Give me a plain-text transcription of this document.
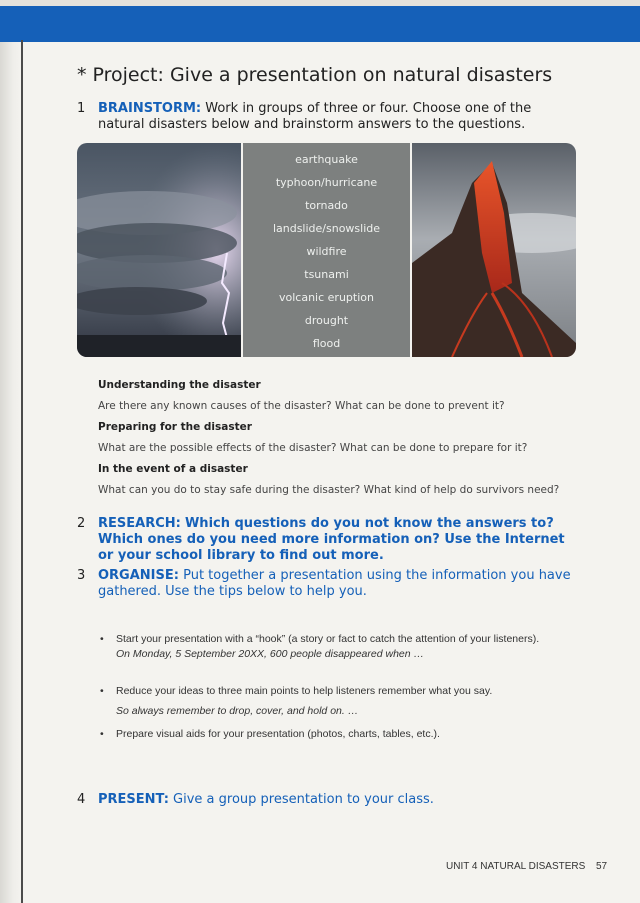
* Project: Give a presentation on natural disasters
1 BRAINSTORM: Work in groups of three or four. Choose one of the natural disasters below and brainstorm answers to the questions.
earthquake
typhoon/hurricane
tornado
landslide/snowslide
wildfire
tsunami
volcanic eruption
drought
flood
Understanding the disaster
Are there any known causes of the disaster? What can be done to prevent it?
Preparing for the disaster
What are the possible effects of the disaster? What can be done to prepare for it?
In the event of a disaster
What can you do to stay safe during the disaster? What kind of help do survivors need?
2 RESEARCH: Which questions do you not know the answers to? Which ones do you need more information on? Use the Internet or your school library to find out more.
3 ORGANISE: Put together a presentation using the information you have gathered. Use the tips below to help you.
• Start your presentation with a “hook” (a story or fact to catch the attention of your listeners).
On Monday, 5 September 20XX, 600 people disappeared when …
• Reduce your ideas to three main points to help listeners remember what you say.
So always remember to drop, cover, and hold on. …
• Prepare visual aids for your presentation (photos, charts, tables, etc.).
4 PRESENT: Give a group presentation to your class.
UNIT 4 NATURAL DISASTERS 57
